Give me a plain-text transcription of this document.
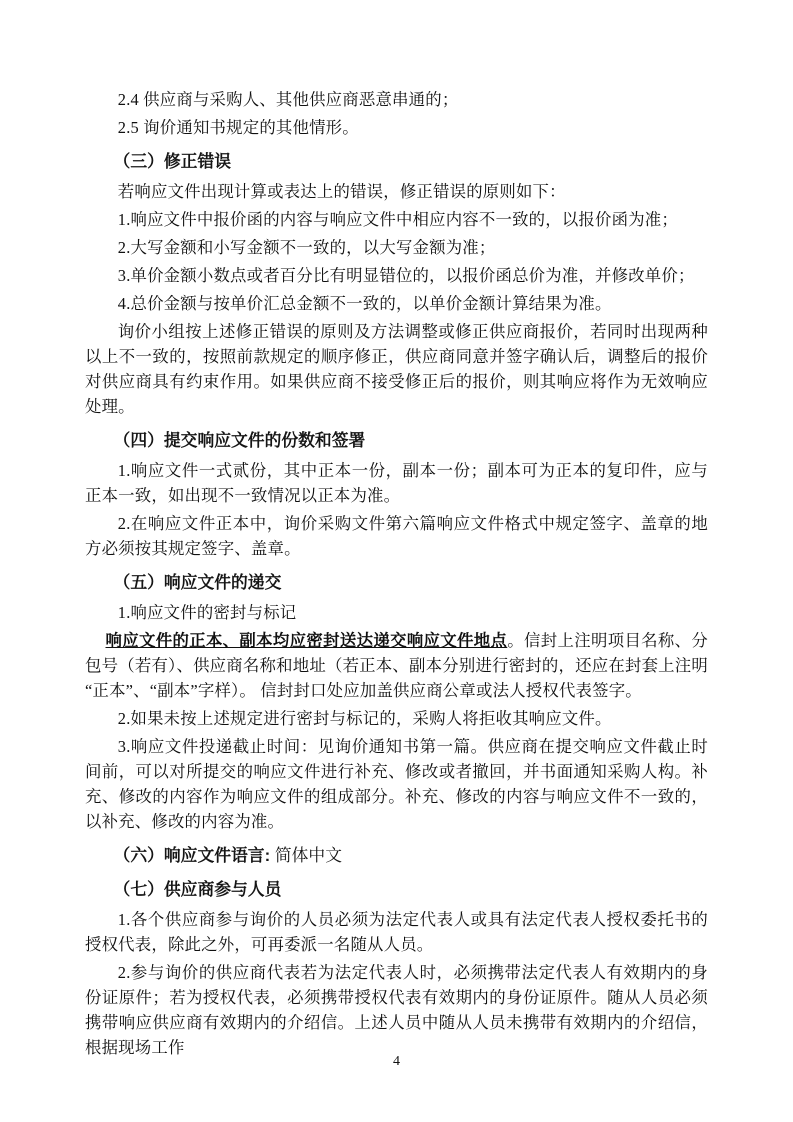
2.4 供应商与采购人、其他供应商恶意串通的；

2.5 询价通知书规定的其他情形。

（三）修正错误

若响应文件出现计算或表达上的错误，修正错误的原则如下：

1.响应文件中报价函的内容与响应文件中相应内容不一致的，以报价函为准；

2.大写金额和小写金额不一致的，以大写金额为准；

3.单价金额小数点或者百分比有明显错位的，以报价函总价为准，并修改单价；

4.总价金额与按单价汇总金额不一致的，以单价金额计算结果为准。

询价小组按上述修正错误的原则及方法调整或修正供应商报价，若同时出现两种以上不一致的，按照前款规定的顺序修正，供应商同意并签字确认后，调整后的报价对供应商具有约束作用。如果供应商不接受修正后的报价，则其响应将作为无效响应处理。

（四）提交响应文件的份数和签署

1.响应文件一式贰份，其中正本一份，副本一份；副本可为正本的复印件，应与正本一致，如出现不一致情况以正本为准。

2.在响应文件正本中，询价采购文件第六篇响应文件格式中规定签字、盖章的地方必须按其规定签字、盖章。

（五）响应文件的递交

1.响应文件的密封与标记

响应文件的正本、副本均应密封送达递交响应文件地点。信封上注明项目名称、分包号（若有）、供应商名称和地址（若正本、副本分别进行密封的，还应在封套上注明“正本”、“副本”字样）。 信封封口处应加盖供应商公章或法人授权代表签字。

2.如果未按上述规定进行密封与标记的，采购人将拒收其响应文件。

3.响应文件投递截止时间：见询价通知书第一篇。供应商在提交响应文件截止时间前，可以对所提交的响应文件进行补充、修改或者撤回，并书面通知采购人构。补充、修改的内容作为响应文件的组成部分。补充、修改的内容与响应文件不一致的，以补充、修改的内容为准。

（六）响应文件语言: 简体中文

（七）供应商参与人员

1.各个供应商参与询价的人员必须为法定代表人或具有法定代表人授权委托书的授权代表，除此之外，可再委派一名随从人员。

2.参与询价的供应商代表若为法定代表人时，必须携带法定代表人有效期内的身份证原件；若为授权代表，必须携带授权代表有效期内的身份证原件。随从人员必须携带响应供应商有效期内的介绍信。上述人员中随从人员未携带有效期内的介绍信，根据现场工作

4
